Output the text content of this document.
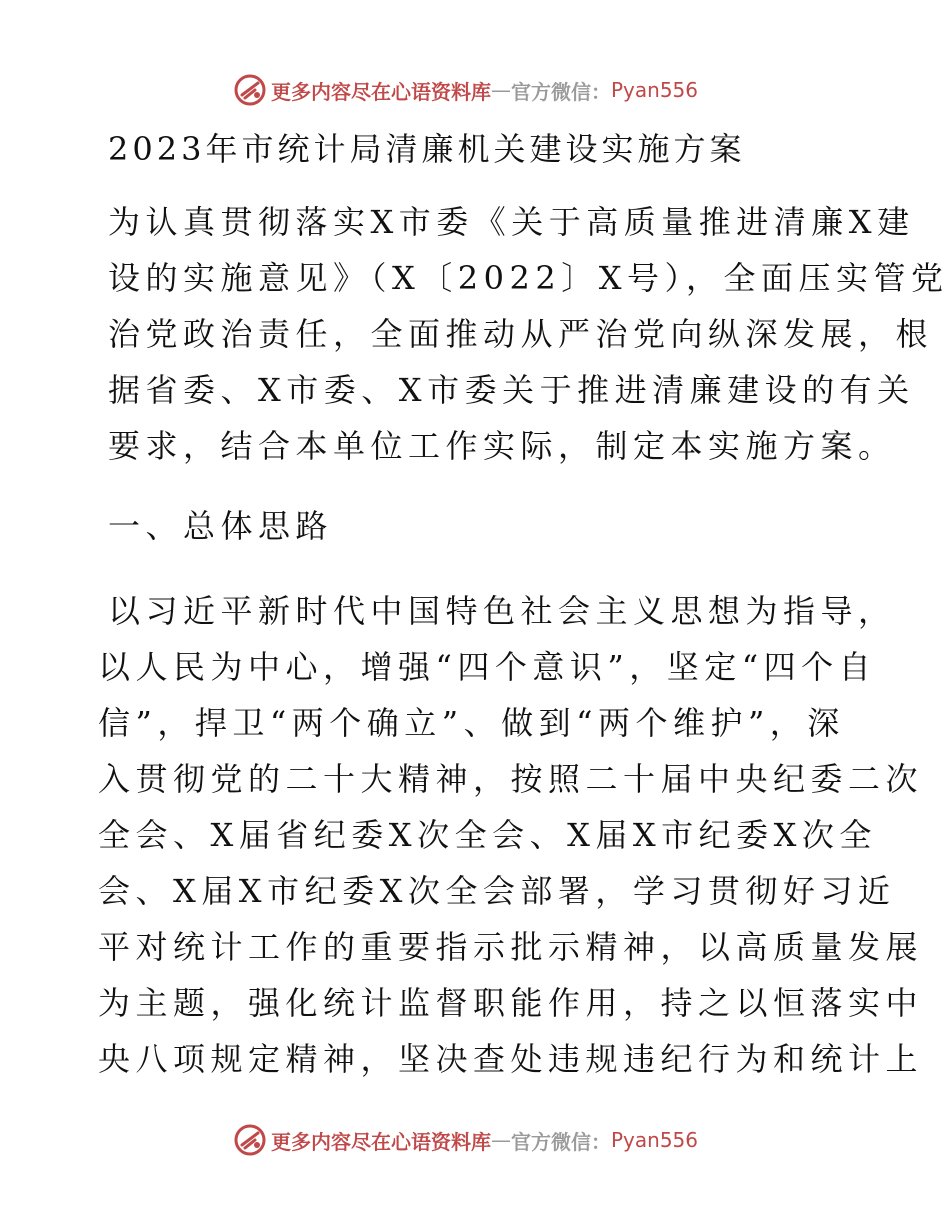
更多内容尽在心语资料库 — 官方微信： Pyan556
2023年市统计局清廉机关建设实施方案

为认真贯彻落实X市委《关于高质量推进清廉X建
设的实施意见》（X〔2022〕X号），全面压实管党
治党政治责任，全面推动从严治党向纵深发展，根
据省委、X市委、X市委关于推进清廉建设的有关
要求，结合本单位工作实际，制定本实施方案。

一、总体思路

以习近平新时代中国特色社会主义思想为指导，
以人民为中心，增强“四个意识”，坚定“四个自
信”，捍卫“两个确立”、做到“两个维护”，深
入贯彻党的二十大精神，按照二十届中央纪委二次
全会、X届省纪委X次全会、X届X市纪委X次全
会、X届X市纪委X次全会部署，学习贯彻好习近
平对统计工作的重要指示批示精神，以高质量发展
为主题，强化统计监督职能作用，持之以恒落实中
央八项规定精神，坚决查处违规违纪行为和统计上

更多内容尽在心语资料库 — 官方微信： Pyan556
